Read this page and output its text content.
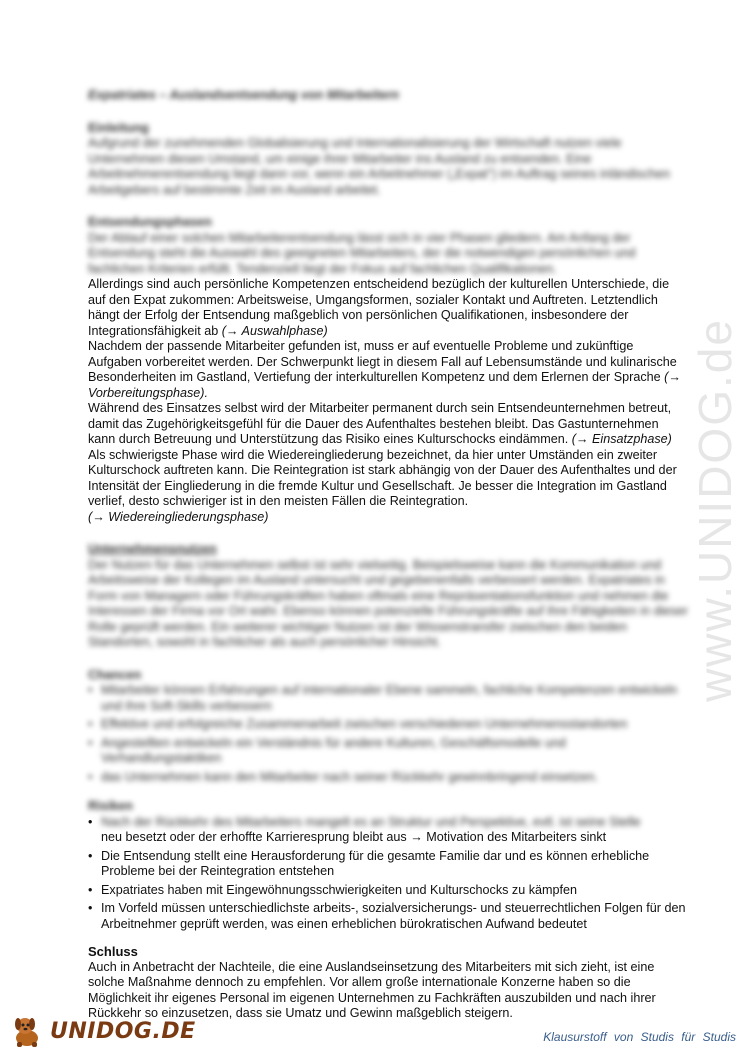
Expatriates – Auslandsentsendung von Mitarbeitern
Einleitung

Aufgrund der zunehmenden Globalisierung und Internationalisierung der Wirtschaft nutzen viele Unternehmen diesen Umstand, um einige ihrer Mitarbeiter ins Ausland zu entsenden. Eine Arbeitnehmerentsendung liegt dann vor, wenn ein Arbeitnehmer („Expat") im Auftrag seines inländischen Arbeitgebers auf bestimmte Zeit im Ausland arbeitet.

Entsendungsphasen

Der Ablauf einer solchen Mitarbeiterentsendung lässt sich in vier Phasen gliedern. Am Anfang der Entsendung steht die Auswahl des geeigneten Mitarbeiters, der die notwendigen persönlichen und fachlichen Kriterien erfüllt. Tendenziell liegt der Fokus auf fachlichen Qualifikationen.

Allerdings sind auch persönliche Kompetenzen entscheidend bezüglich der kulturellen Unterschiede, die auf den Expat zukommen: Arbeitsweise, Umgangsformen, sozialer Kontakt und Auftreten. Letztendlich hängt der Erfolg der Entsendung maßgeblich von persönlichen Qualifikationen, insbesondere der Integrationsfähigkeit ab (→ Auswahlphase)

Nachdem der passende Mitarbeiter gefunden ist, muss er auf eventuelle Probleme und zukünftige Aufgaben vorbereitet werden. Der Schwerpunkt liegt in diesem Fall auf Lebensumstände und kulinarische Besonderheiten im Gastland, Vertiefung der interkulturellen Kompetenz und dem Erlernen der Sprache (→ Vorbereitungsphase).

Während des Einsatzes selbst wird der Mitarbeiter permanent durch sein Entsendeunternehmen betreut, damit das Zugehörigkeitsgefühl für die Dauer des Aufenthaltes bestehen bleibt. Das Gastunternehmen kann durch Betreuung und Unterstützung das Risiko eines Kulturschocks eindämmen. (→ Einsatzphase)

Als schwierigste Phase wird die Wiedereingliederung bezeichnet, da hier unter Umständen ein zweiter Kulturschock auftreten kann. Die Reintegration ist stark abhängig von der Dauer des Aufenthaltes und der Intensität der Eingliederung in die fremde Kultur und Gesellschaft. Je besser die Integration im Gastland verlief, desto schwieriger ist in den meisten Fällen die Reintegration.
(→ Wiedereingliederungsphase)

Unternehmensnutzen

Der Nutzen für das Unternehmen selbst ist sehr vielseitig. Beispielsweise kann die Kommunikation und Arbeitsweise der Kollegen im Ausland untersucht und gegebenenfalls verbessert werden. Expatriates in Form von Managern oder Führungskräften haben oftmals eine Repräsentationsfunktion und nehmen die Interessen der Firma vor Ort wahr. Ebenso können potenzielle Führungskräfte auf ihre Fähigkeiten in dieser Rolle geprüft werden. Ein weiterer wichtiger Nutzen ist der Wissenstransfer zwischen den beiden Standorten, sowohl in fachlicher als auch persönlicher Hinsicht.

Chancen
• Mitarbeiter können Erfahrungen auf internationaler Ebene sammeln, fachliche Kompetenzen entwickeln und ihre Soft-Skills verbessern
• Effektive und erfolgreiche Zusammenarbeit zwischen verschiedenen Unternehmensstandorten
• Angestellten entwickeln ein Verständnis für andere Kulturen, Geschäftsmodelle und Verhandlungstaktiken
• das Unternehmen kann den Mitarbeiter nach seiner Rückkehr gewinnbringend einsetzen.
Risiken
• Nach der Rückkehr des Mitarbeiters mangelt es an Struktur und Perspektive, evtl. ist seine Stelle
neu besetzt oder der erhoffte Karrieresprung bleibt aus → Motivation des Mitarbeiters sinkt
• Die Entsendung stellt eine Herausforderung für die gesamte Familie dar und es können erhebliche Probleme bei der Reintegration entstehen
• Expatriates haben mit Eingewöhnungsschwierigkeiten und Kulturschocks zu kämpfen
• Im Vorfeld müssen unterschiedlichste arbeits-, sozialversicherungs- und steuerrechtlichen Folgen für den Arbeitnehmer geprüft werden, was einen erheblichen bürokratischen Aufwand bedeutet
Schluss

Auch in Anbetracht der Nachteile, die eine Auslandseinsetzung des Mitarbeiters mit sich zieht, ist eine solche Maßnahme dennoch zu empfehlen. Vor allem große internationale Konzerne haben so die Möglichkeit ihr eigenes Personal im eigenen Unternehmen zu Fachkräften auszubilden und nach ihrer Rückkehr so einzusetzen, dass sie Umatz und Gewinn maßgeblich steigern.

www.UNIDOG.de
UNIDOG.DE	Klausurstoff von Studis für Studis
